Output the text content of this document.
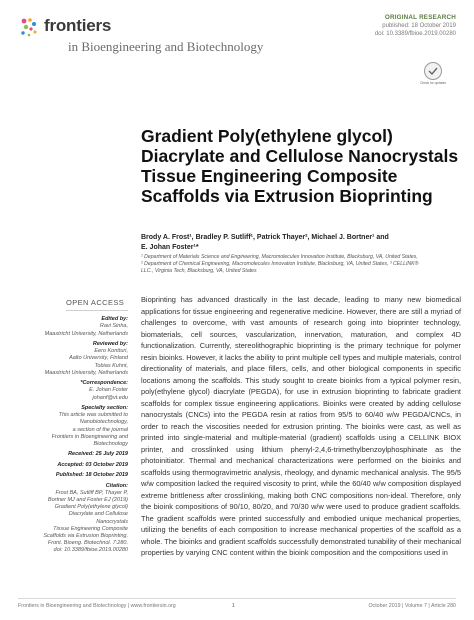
frontiers
in Bioengineering and Biotechnology
ORIGINAL RESEARCH
published: 18 October 2019
doi: 10.3389/fbioe.2019.00280
Check for updates
Gradient Poly(ethylene glycol) Diacrylate and Cellulose Nanocrystals Tissue Engineering Composite Scaffolds via Extrusion Bioprinting
Brody A. Frost¹, Bradley P. Sutliff¹, Patrick Thayer², Michael J. Bortner¹ and
E. Johan Foster¹*
¹ Department of Materials Science and Engineering, Macromolecules Innovation Institute, Blacksburg, VA, United States,
² Department of Chemical Engineering, Macromolecules Innovation Institute, Blacksburg, VA, United States, ³ CELLINK®
LLC., Virginia Tech, Blacksburg, VA, United States
OPEN ACCESS
Edited by:
Ravi Sinha,
Maastricht University, Netherlands
Reviewed by:
Eero Kontturi,
Aalto University, Finland
Tobias Kuhnt,
Maastricht University, Netherlands
*Correspondence:
E. Johan Foster
johanf@vt.edu
Specialty section:
This article was submitted to
Nanobiotechnology,
a section of the journal
Frontiers in Bioengineering and
Biotechnology
Received: 25 July 2019
Accepted: 03 October 2019
Published: 18 October 2019
Citation:
Frost BA, Sutliff BP, Thayer P,
Bortner MJ and Foster EJ (2019)
Gradient Poly(ethylene glycol)
Diacrylate and Cellulose Nanocrystals
Tissue Engineering Composite
Scaffolds via Extrusion Bioprinting.
Front. Bioeng. Biotechnol. 7:280.
doi: 10.3389/fbioe.2019.00280
Bioprinting has advanced drastically in the last decade, leading to many new biomedical applications for tissue engineering and regenerative medicine. However, there are still a myriad of challenges to overcome, with vast amounts of research going into bioprinter technology, biomaterials, cell sources, vascularization, innervation, maturation, and complex 4D functionalization. Currently, stereolithographic bioprinting is the primary technique for polymer resin bioinks. However, it lacks the ability to print multiple cell types and multiple materials, control directionality of materials, and place fillers, cells, and other biological components in specific locations among the scaffolds. This study sought to create bioinks from a typical polymer resin, poly(ethylene glycol) diacrylate (PEGDA), for use in extrusion bioprinting to fabricate gradient scaffolds for complex tissue engineering applications. Bioinks were created by adding cellulose nanocrystals (CNCs) into the PEGDA resin at ratios from 95/5 to 60/40 w/w PEGDA/CNCs, in order to reach the viscosities needed for extrusion printing. The bioinks were cast, as well as printed into single-material and multiple-material (gradient) scaffolds using a CELLINK BIOX printer, and crosslinked using lithium phenyl-2,4,6-trimethylbenzoylphosphinate as the photoinitiator. Thermal and mechanical characterizations were performed on the bioinks and scaffolds using thermogravimetric analysis, rheology, and dynamic mechanical analysis. The 95/5 w/w composition lacked the required viscosity to print, while the 60/40 w/w composition displayed extreme brittleness after crosslinking, making both CNC compositions non-ideal. Therefore, only the bioink compositions of 90/10, 80/20, and 70/30 w/w were used to produce gradient scaffolds. The gradient scaffolds were printed successfully and embodied unique mechanical properties, utilizing the benefits of each composition to increase mechanical properties of the scaffold as a whole. The bioinks and gradient scaffolds successfully demonstrated tunability of their mechanical properties by varying CNC content within the bioink composition and the compositions used in
Frontiers in Bioengineering and Biotechnology | www.frontiersin.org	1	October 2019 | Volume 7 | Article 280
